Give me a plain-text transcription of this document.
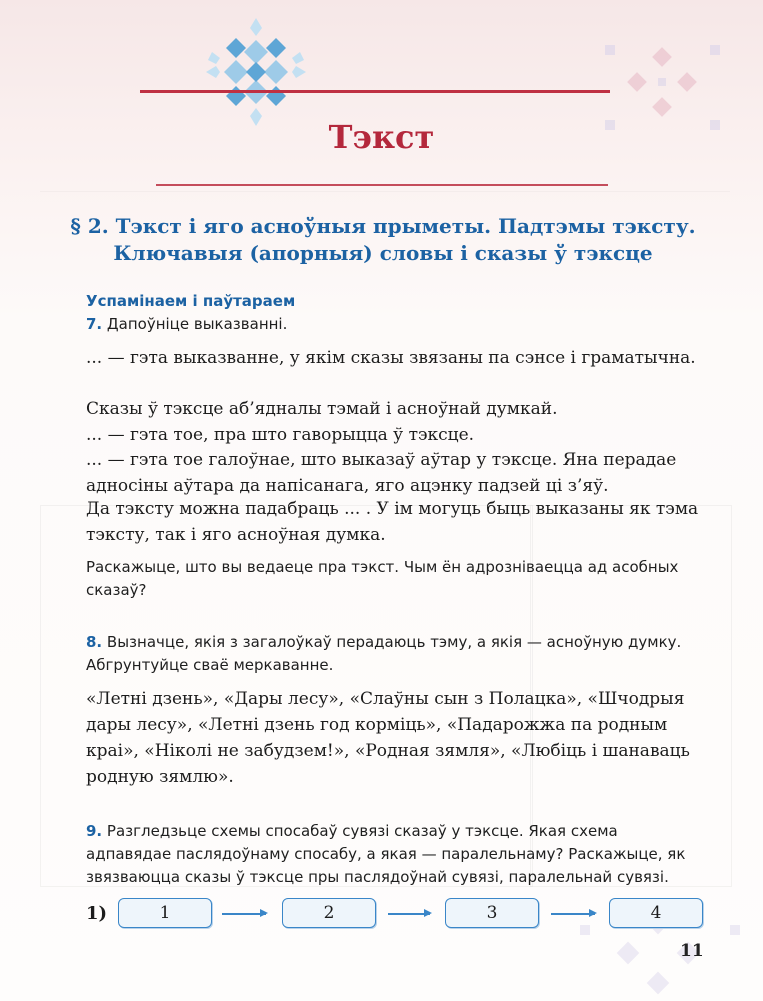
Тэкст
§ 2. Тэкст і яго асноўныя прыметы. Падтэмы тэксту.
Ключавыя (апорныя) словы і сказы ў тэксце
Успамінаем і паўтараем
7. Дапоўніце выказванні.
... — гэта выказванне, у якім сказы звязаны па сэнсе і граматычна.
Сказы ў тэксце аб’ядналы тэмай і асноўнай думкай.
... — гэта тое, пра што гаворыцца ў тэксце.
... — гэта тое галоўнае, што выказаў аўтар у тэксце. Яна перадае адносіны аўтара да напісанага, яго ацэнку падзей ці з’яў.
Да тэксту можна падабраць ... . У ім могуць быць выказаны як тэма тэксту, так і яго асноўная думка.
Раскажыце, што вы ведаеце пра тэкст. Чым ён адрозніваецца ад асобных сказаў?
8. Вызначце, якія з загалоўкаў перадаюць тэму, а якія — асноўную думку. Абгрунтуйце сваё меркаванне.
«Летні дзень», «Дары лесу», «Слаўны сын з Полацка», «Шчодрыя дары лесу», «Летні дзень год корміць», «Падарожжа па родным краі», «Ніколі не забудзем!», «Родная зямля», «Любіць і шанаваць родную зямлю».
9. Разгледзьце схемы спосабаў сувязі сказаў у тэксце. Якая схема адпавядае паслядоўнаму спосабу, а якая — паралельнаму? Раскажыце, як звязваюцца сказы ў тэксце пры паслядоўнай сувязі, паралельнай сувязі.
1)	1	2	3	4
11
